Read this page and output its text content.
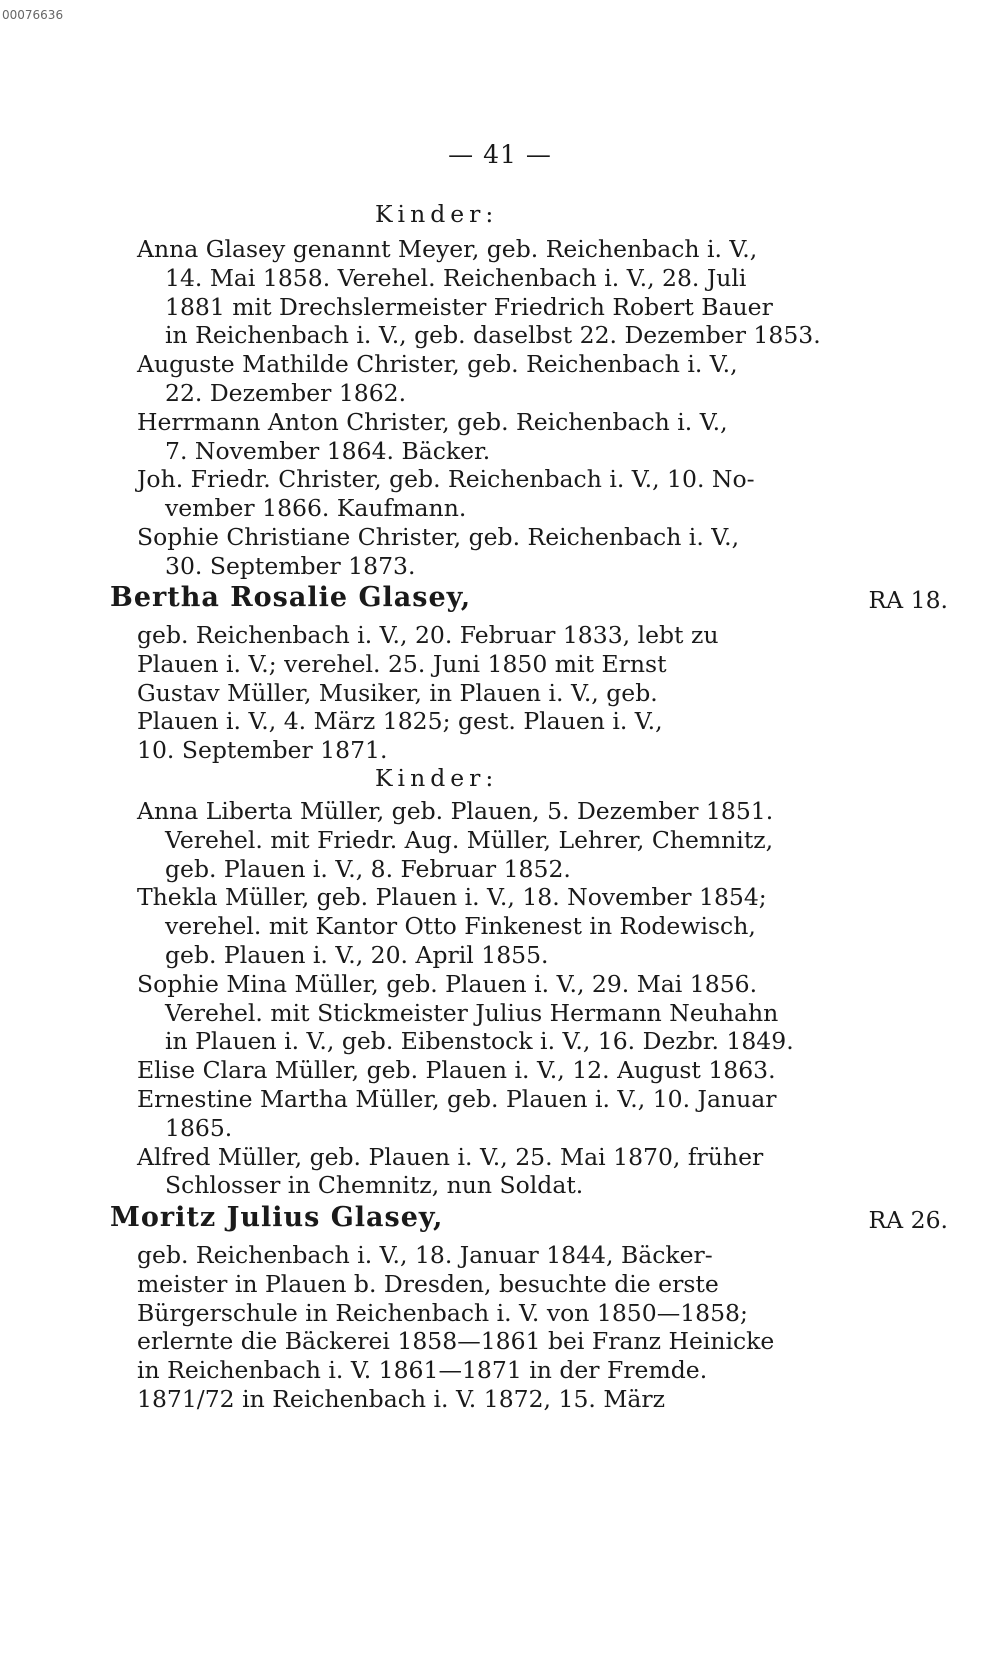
00076636
— 41 —
Kinder:
Anna Glasey genannt Meyer, geb. Reichenbach i. V.,
14. Mai 1858. Verehel. Reichenbach i. V., 28. Juli
1881 mit Drechslermeister Friedrich Robert Bauer
in Reichenbach i. V., geb. daselbst 22. Dezember 1853.
Auguste Mathilde Christer, geb. Reichenbach i. V.,
22. Dezember 1862.
Herrmann Anton Christer, geb. Reichenbach i. V.,
7. November 1864. Bäcker.
Joh. Friedr. Christer, geb. Reichenbach i. V., 10. No-
vember 1866. Kaufmann.
Sophie Christiane Christer, geb. Reichenbach i. V.,
30. September 1873.
Bertha Rosalie Glasey,	RA 18.
geb. Reichenbach i. V., 20. Februar 1833, lebt zu
Plauen i. V.; verehel. 25. Juni 1850 mit Ernst
Gustav Müller, Musiker, in Plauen i. V., geb.
Plauen i. V., 4. März 1825; gest. Plauen i. V.,
10. September 1871.
Kinder:
Anna Liberta Müller, geb. Plauen, 5. Dezember 1851.
Verehel. mit Friedr. Aug. Müller, Lehrer, Chemnitz,
geb. Plauen i. V., 8. Februar 1852.
Thekla Müller, geb. Plauen i. V., 18. November 1854;
verehel. mit Kantor Otto Finkenest in Rodewisch,
geb. Plauen i. V., 20. April 1855.
Sophie Mina Müller, geb. Plauen i. V., 29. Mai 1856.
Verehel. mit Stickmeister Julius Hermann Neuhahn
in Plauen i. V., geb. Eibenstock i. V., 16. Dezbr. 1849.
Elise Clara Müller, geb. Plauen i. V., 12. August 1863.
Ernestine Martha Müller, geb. Plauen i. V., 10. Januar
1865.
Alfred Müller, geb. Plauen i. V., 25. Mai 1870, früher
Schlosser in Chemnitz, nun Soldat.
Moritz Julius Glasey,	RA 26.
geb. Reichenbach i. V., 18. Januar 1844, Bäcker-
meister in Plauen b. Dresden, besuchte die erste
Bürgerschule in Reichenbach i. V. von 1850—1858;
erlernte die Bäckerei 1858—1861 bei Franz Heinicke
in Reichenbach i. V. 1861—1871 in der Fremde.
1871/72 in Reichenbach i. V. 1872, 15. März
